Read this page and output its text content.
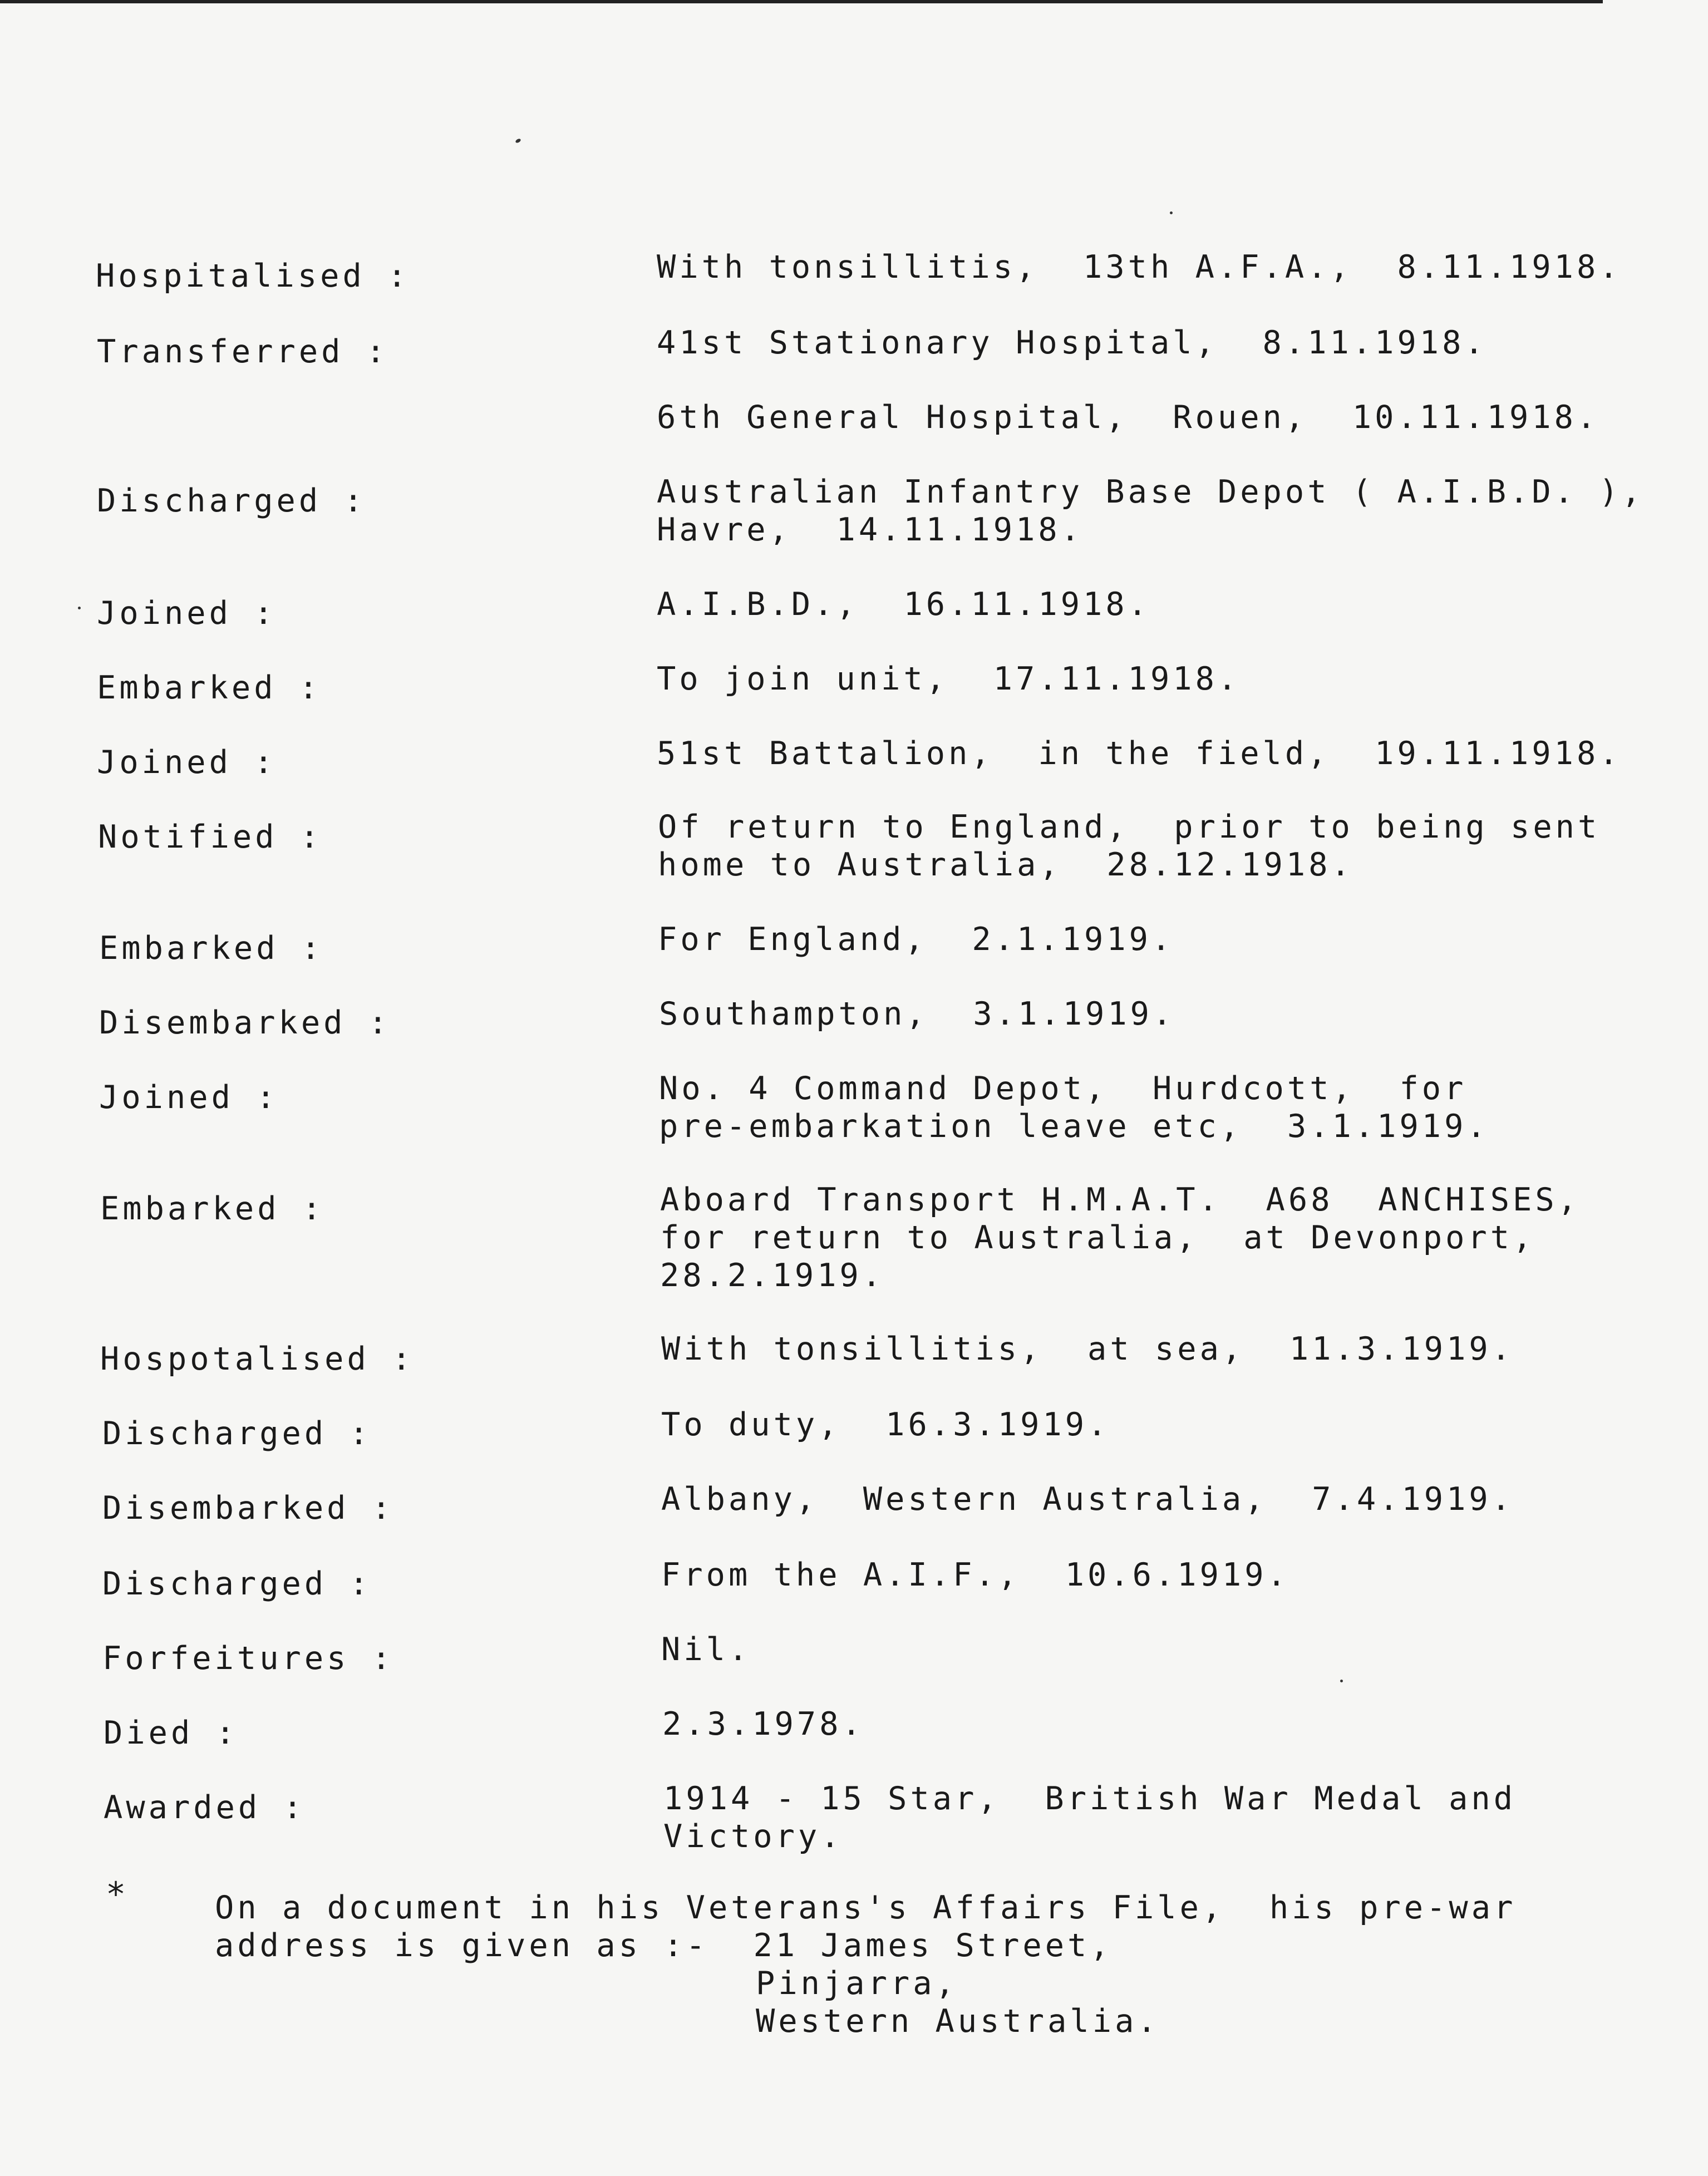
Hospitalised :	With tonsillitis,  13th A.F.A.,  8.11.1918.
Transferred :	41st Stationary Hospital,  8.11.1918.
6th General Hospital,  Rouen,  10.11.1918.
Discharged :	Australian Infantry Base Depot ( A.I.B.D. ),
Havre,  14.11.1918.
Joined :	A.I.B.D.,  16.11.1918.
Embarked :	To join unit,  17.11.1918.
Joined :	51st Battalion,  in the field,  19.11.1918.
Notified :	Of return to England,  prior to being sent
home to Australia,  28.12.1918.
Embarked :	For England,  2.1.1919.
Disembarked :	Southampton,  3.1.1919.
Joined :	No. 4 Command Depot,  Hurdcott,  for
pre-embarkation leave etc,  3.1.1919.
Embarked :	Aboard Transport H.M.A.T.  A68  ANCHISES,
for return to Australia,  at Devonport,
28.2.1919.
Hospotalised :	With tonsillitis,  at sea,  11.3.1919.
Discharged :	To duty,  16.3.1919.
Disembarked :	Albany,  Western Australia,  7.4.1919.
Discharged :	From the A.I.F.,  10.6.1919.
Forfeitures :	Nil.
Died :	2.3.1978.
Awarded :	1914 - 15 Star,  British War Medal and
Victory.
*	On a document in his Veterans's Affairs File,  his pre-war
address is given as :-  21 James Street,
Pinjarra,
Western Australia.
